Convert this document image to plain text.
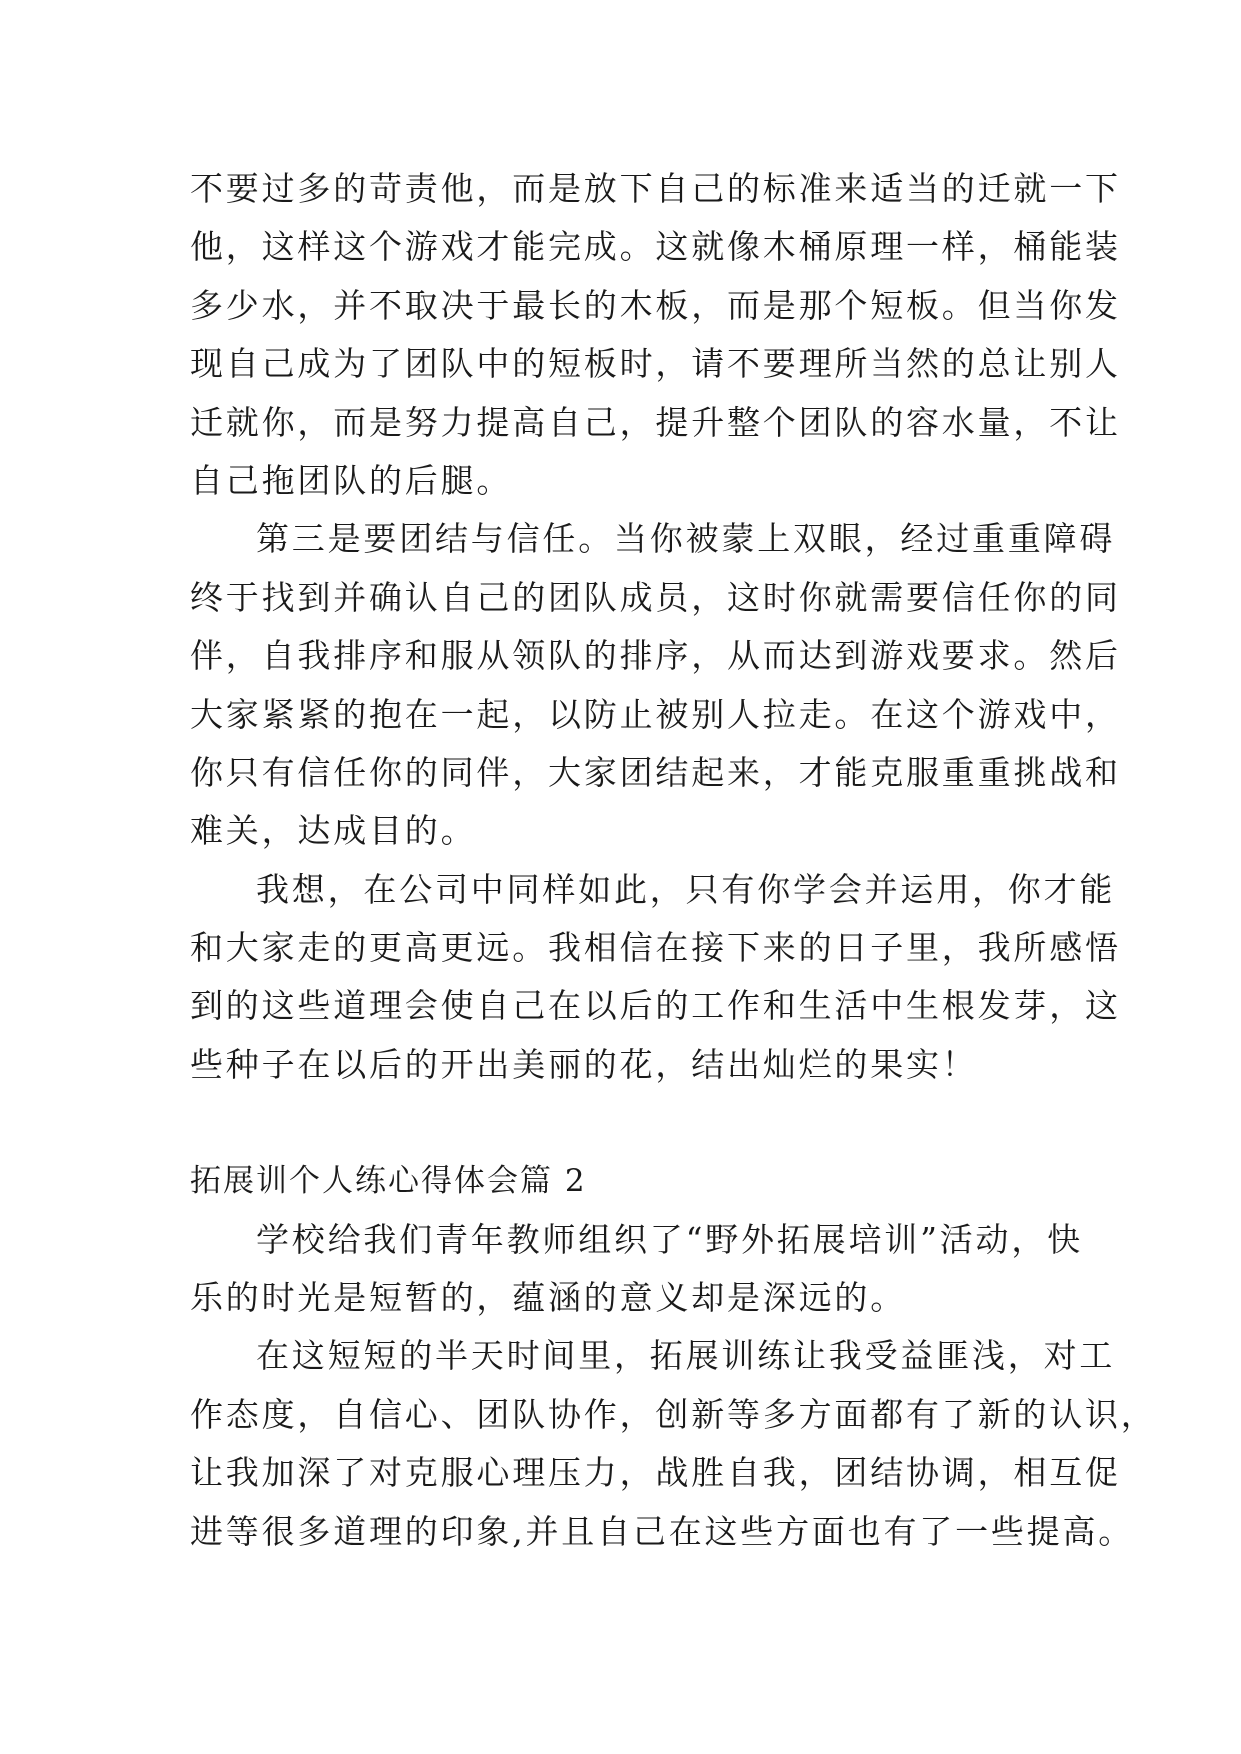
不要过多的苛责他，而是放下自己的标准来适当的迁就一下
他，这样这个游戏才能完成。这就像木桶原理一样，桶能装
多少水，并不取决于最长的木板，而是那个短板。但当你发
现自己成为了团队中的短板时，请不要理所当然的总让别人
迁就你，而是努力提高自己，提升整个团队的容水量，不让
自己拖团队的后腿。
第三是要团结与信任。当你被蒙上双眼，经过重重障碍
终于找到并确认自己的团队成员，这时你就需要信任你的同
伴，自我排序和服从领队的排序，从而达到游戏要求。然后
大家紧紧的抱在一起，以防止被别人拉走。在这个游戏中，
你只有信任你的同伴，大家团结起来，才能克服重重挑战和
难关，达成目的。
我想，在公司中同样如此，只有你学会并运用，你才能
和大家走的更高更远。我相信在接下来的日子里，我所感悟
到的这些道理会使自己在以后的工作和生活中生根发芽，这
些种子在以后的开出美丽的花，结出灿烂的果实！
拓展训个人练心得体会篇 2
学校给我们青年教师组织了“野外拓展培训”活动，快
乐的时光是短暂的，蕴涵的意义却是深远的。
在这短短的半天时间里，拓展训练让我受益匪浅，对工
作态度，自信心、团队协作，创新等多方面都有了新的认识，
让我加深了对克服心理压力，战胜自我，团结协调，相互促
进等很多道理的印象,并且自己在这些方面也有了一些提高。
